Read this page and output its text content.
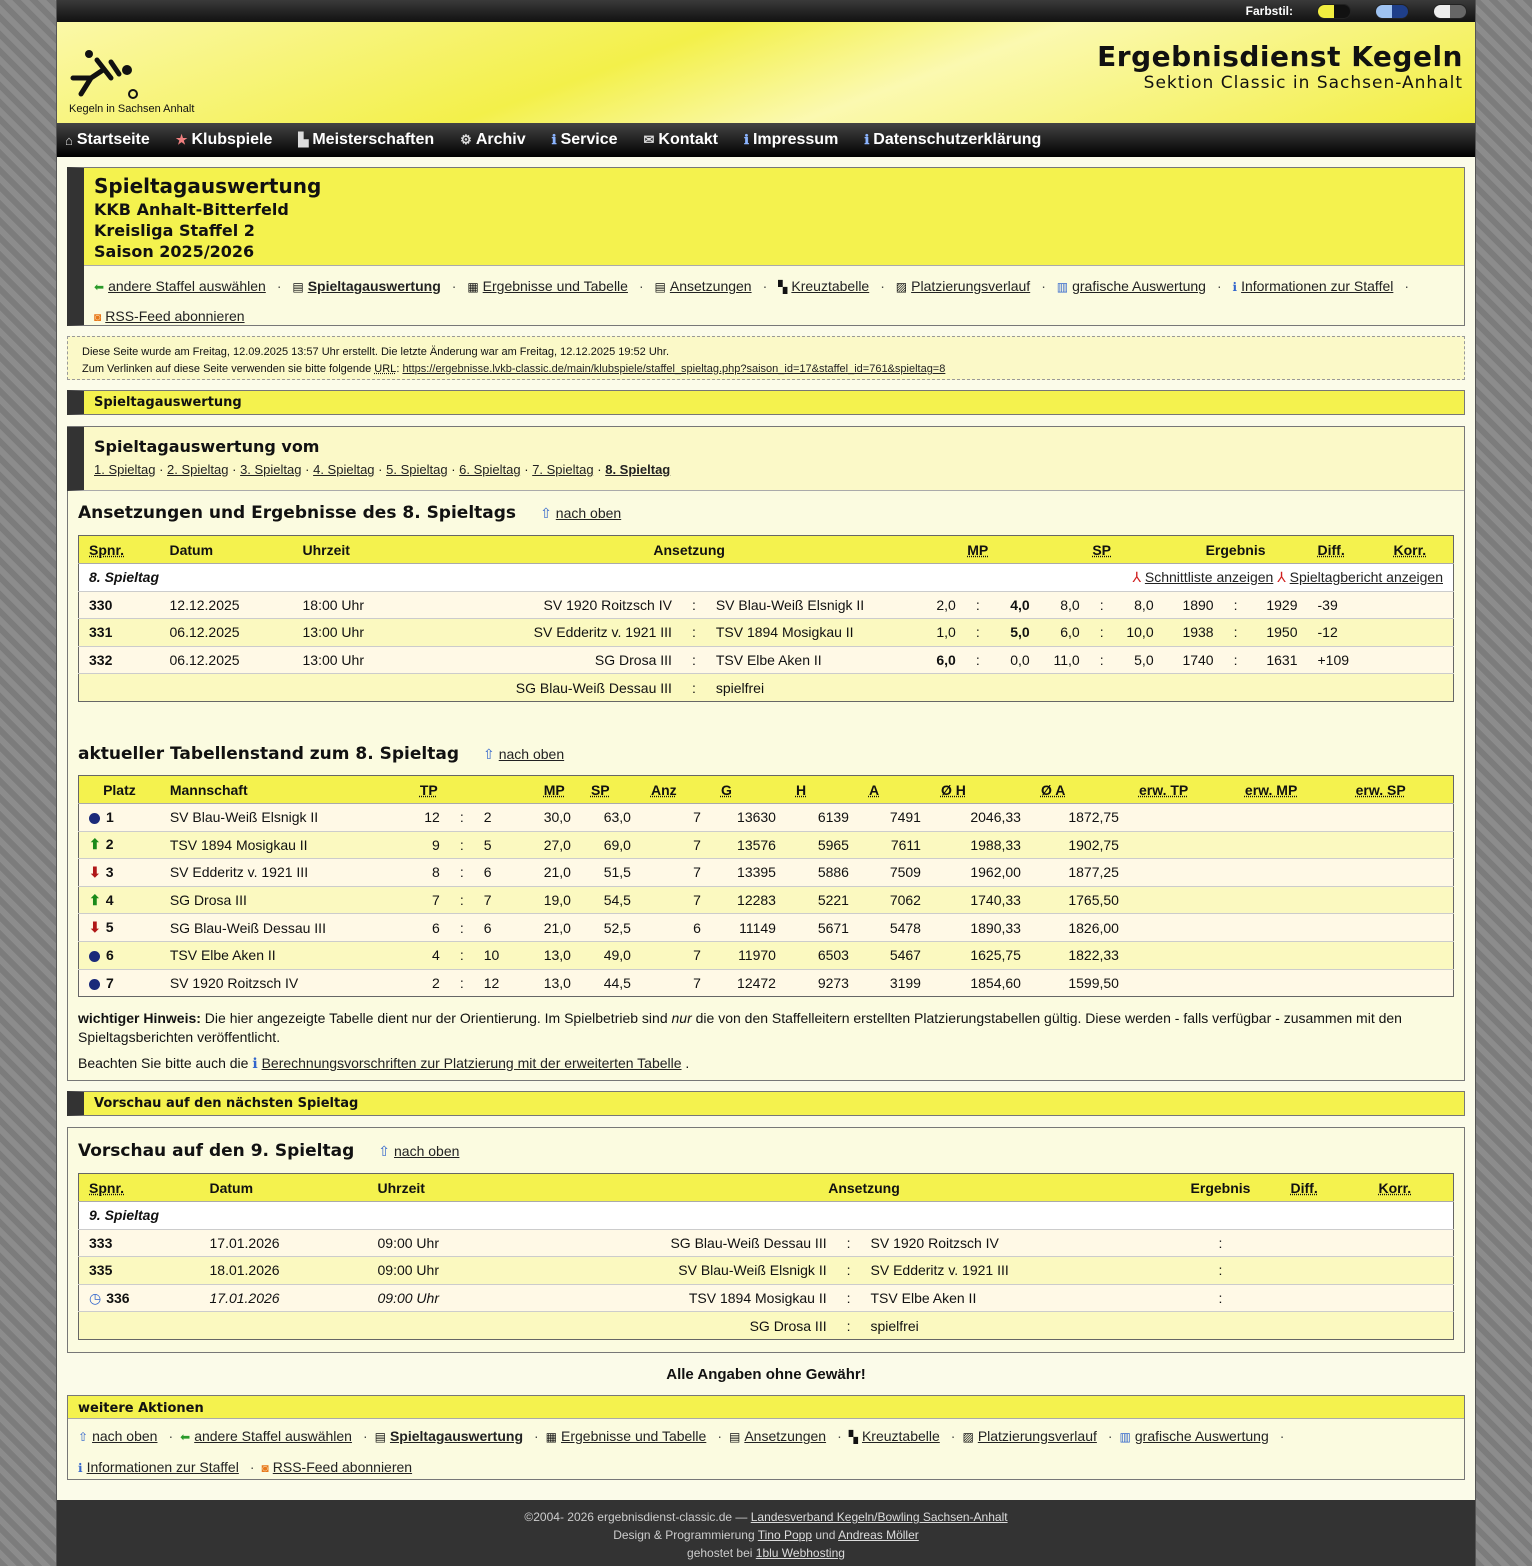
Farbstil:
Kegeln in Sachsen Anhalt
Ergebnisdienst Kegeln
Sektion Classic in Sachsen-Anhalt
⌂ Startseite ★ Klubspiele ▙ Meisterschaften ⚙ Archiv ℹ Service ✉ Kontakt ℹ Impressum ℹ Datenschutzerklärung
Spieltagauswertung
KKB Anhalt-Bitterfeld
Kreisliga Staffel 2
Saison 2025/2026
⬅ andere Staffel auswählen · ▤ Spieltagauswertung · ▦ Ergebnisse und Tabelle · ▤ Ansetzungen · ▚ Kreuztabelle · ▨ Platzierungsverlauf · ▥ grafische Auswertung · ℹ Informationen zur Staffel ·
◙ RSS-Feed abonnieren
Diese Seite wurde am Freitag, 12.09.2025 13:57 Uhr erstellt. Die letzte Änderung war am Freitag, 12.12.2025 19:52 Uhr.
Zum Verlinken auf diese Seite verwenden sie bitte folgende URL: https://ergebnisse.lvkb-classic.de/main/klubspiele/staffel_spieltag.php?saison_id=17&staffel_id=761&spieltag=8
Spieltagauswertung
Spieltagauswertung vom
1. Spieltag · 2. Spieltag · 3. Spieltag · 4. Spieltag · 5. Spieltag · 6. Spieltag · 7. Spieltag · 8. Spieltag
Ansetzungen und Ergebnisse des 8. Spieltags ⇧ nach oben
Spnr.	Datum	Uhrzeit	Ansetzung			MP			SP			Ergebnis			Diff.	Korr.
8. Spieltag			⅄ Schnittliste anzeigen ⅄ Spieltagbericht anzeigen													
330	12.12.2025	18:00 Uhr	SV 1920 Roitzsch IV	:	SV Blau-Weiß Elsnigk II	2,0	:	4,0	8,0	:	8,0	1890	:	1929	-39	
331	06.12.2025	13:00 Uhr	SV Edderitz v. 1921 III	:	TSV 1894 Mosigkau II	1,0	:	5,0	6,0	:	10,0	1938	:	1950	-12	
332	06.12.2025	13:00 Uhr	SG Drosa III	:	TSV Elbe Aken II	6,0	:	0,0	11,0	:	5,0	1740	:	1631	+109	
			SG Blau-Weiß Dessau III	:	spielfrei											
aktueller Tabellenstand zum 8. Spieltag ⇧ nach oben
Platz	Mannschaft	TP			MP	SP	Anz	G	H	A	Ø H	Ø A	erw. TP	erw. MP	erw. SP
1	SV Blau-Weiß Elsnigk II	12	:	2	30,0	63,0	7	13630	6139	7491	2046,33	1872,75			
⬆ 2	TSV 1894 Mosigkau II	9	:	5	27,0	69,0	7	13576	5965	7611	1988,33	1902,75			
⬇ 3	SV Edderitz v. 1921 III	8	:	6	21,0	51,5	7	13395	5886	7509	1962,00	1877,25			
⬆ 4	SG Drosa III	7	:	7	19,0	54,5	7	12283	5221	7062	1740,33	1765,50			
⬇ 5	SG Blau-Weiß Dessau III	6	:	6	21,0	52,5	6	11149	5671	5478	1890,33	1826,00			
6	TSV Elbe Aken II	4	:	10	13,0	49,0	7	11970	6503	5467	1625,75	1822,33			
7	SV 1920 Roitzsch IV	2	:	12	13,0	44,5	7	12472	9273	3199	1854,60	1599,50			
wichtiger Hinweis: Die hier angezeigte Tabelle dient nur der Orientierung. Im Spielbetrieb sind nur die von den Staffelleitern erstellten Platzierungstabellen gültig. Diese werden - falls verfügbar - zusammen mit den Spieltagsberichten veröffentlicht.
Beachten Sie bitte auch die ℹ Berechnungsvorschriften zur Platzierung mit der erweiterten Tabelle .
Vorschau auf den nächsten Spieltag
Vorschau auf den 9. Spieltag ⇧ nach oben
Spnr.	Datum	Uhrzeit	Ansetzung			Ergebnis			Diff.	Korr.
9. Spieltag										
333	17.01.2026	09:00 Uhr	SG Blau-Weiß Dessau III	:	SV 1920 Roitzsch IV		:			
335	18.01.2026	09:00 Uhr	SV Blau-Weiß Elsnigk II	:	SV Edderitz v. 1921 III		:			
◷ 336	17.01.2026	09:00 Uhr	TSV 1894 Mosigkau II	:	TSV Elbe Aken II		:			
			SG Drosa III	:	spielfrei					
Alle Angaben ohne Gewähr!
weitere Aktionen
⇧ nach oben · ⬅ andere Staffel auswählen · ▤ Spieltagauswertung · ▦ Ergebnisse und Tabelle · ▤ Ansetzungen · ▚ Kreuztabelle · ▨ Platzierungsverlauf · ▥ grafische Auswertung ·
ℹ Informationen zur Staffel · ◙ RSS-Feed abonnieren
©2004- 2026 ergebnisdienst-classic.de — Landesverband Kegeln/Bowling Sachsen-Anhalt
Design & Programmierung Tino Popp und Andreas Möller
gehostet bei 1blu Webhosting
